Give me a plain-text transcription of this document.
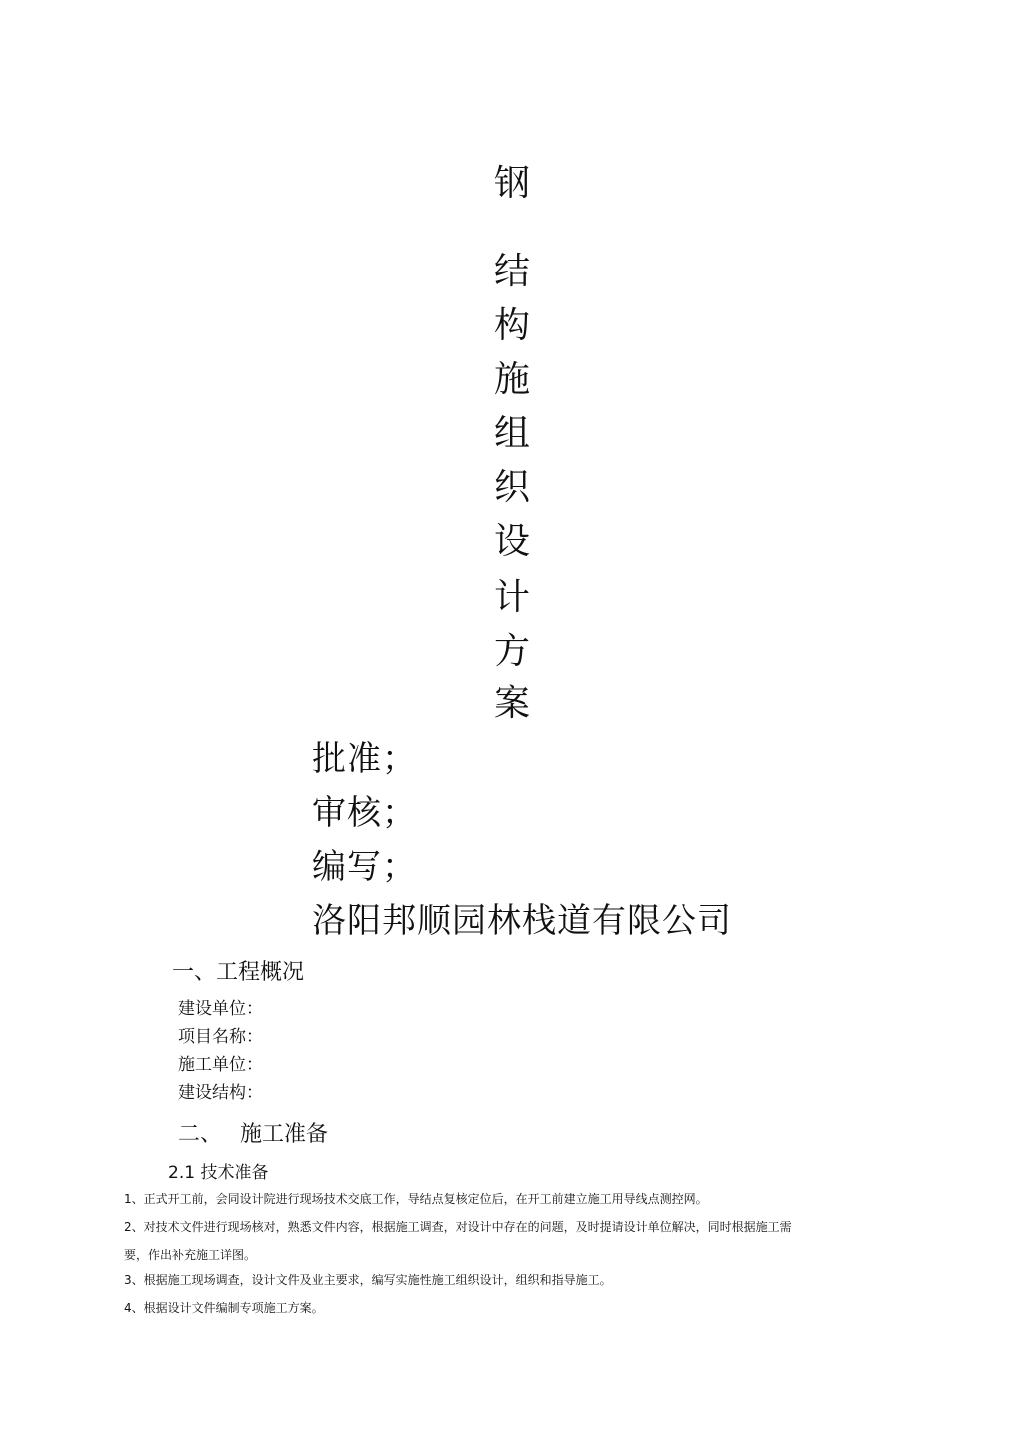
钢
结
构
施
组
织
设
计
方
案
批准；
审核；
编写；
洛阳邦顺园林栈道有限公司
一、工程概况
建设单位：
项目名称：
施工单位：
建设结构：
二、 施工准备
2.1 技术准备
1、正式开工前，会同设计院进行现场技术交底工作，导结点复核定位后，在开工前建立施工用导线点测控网。
2、对技术文件进行现场核对，熟悉文件内容，根据施工调查，对设计中存在的问题，及时提请设计单位解决，同时根据施工需要，作出补充施工详图。
3、根据施工现场调查，设计文件及业主要求，编写实施性施工组织设计，组织和指导施工。
4、根据设计文件编制专项施工方案。
